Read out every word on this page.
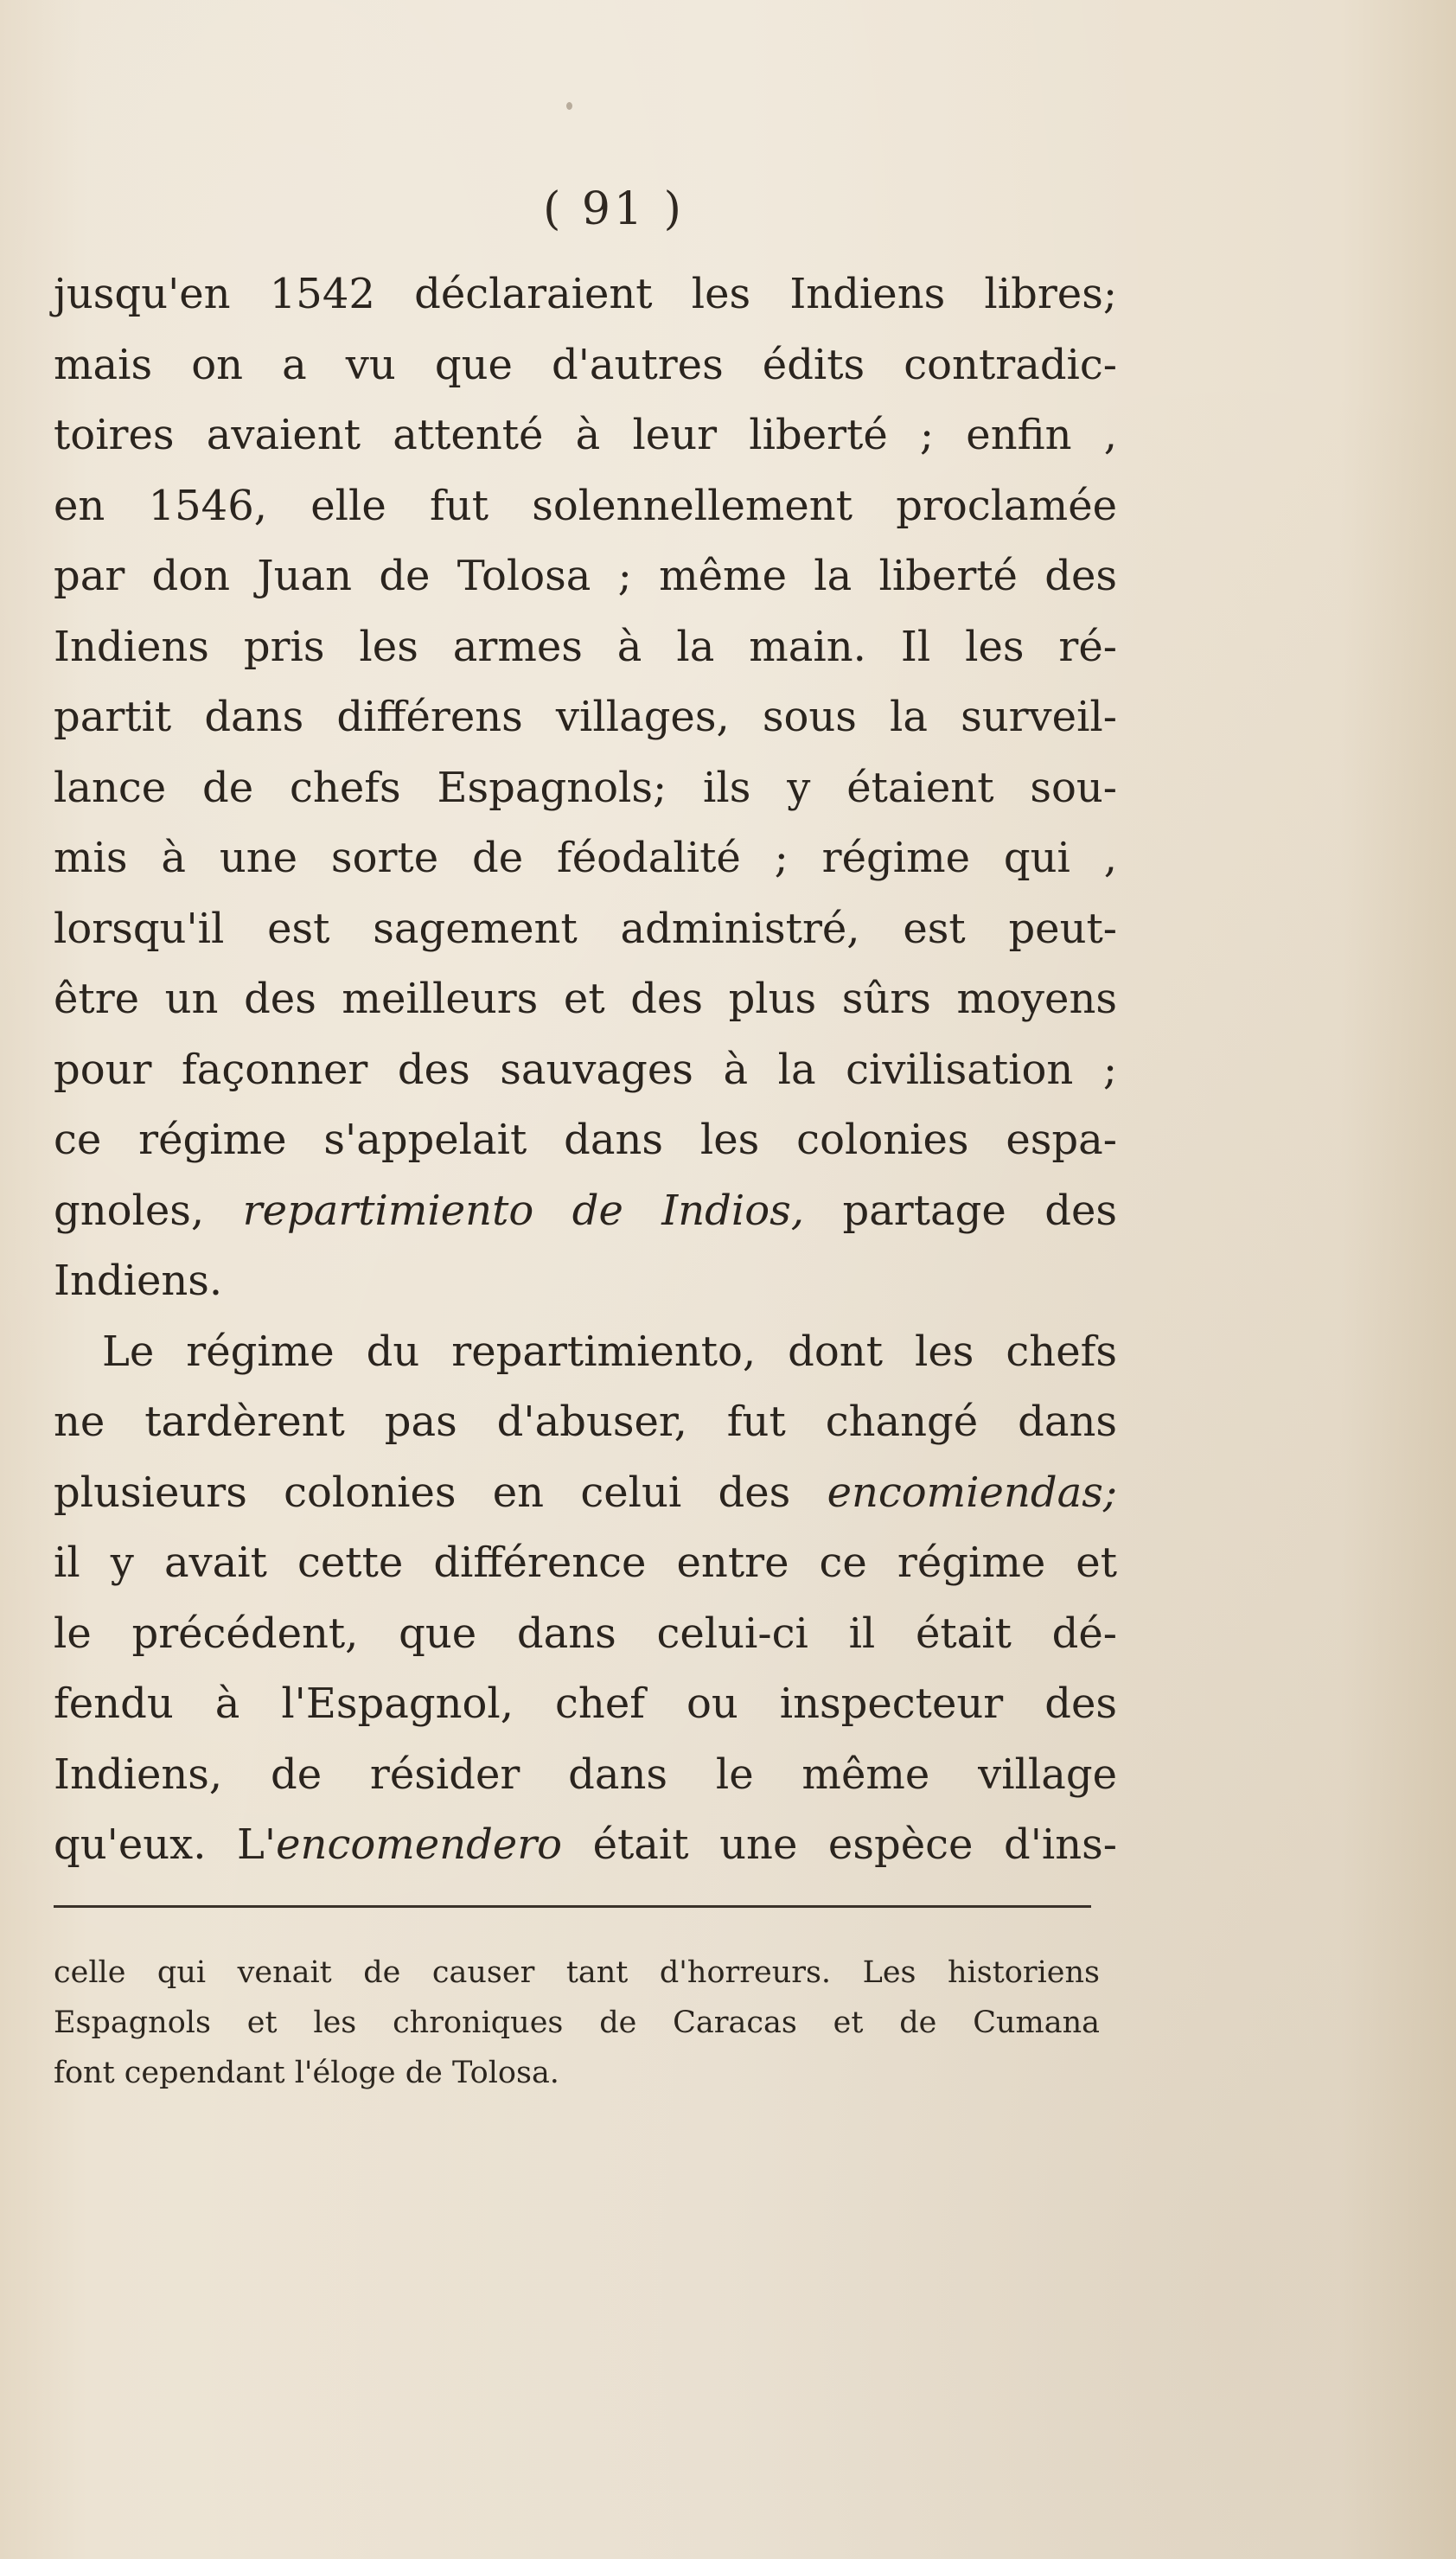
( 91 )
jusqu'en 1542 déclaraient les Indiens libres;
mais on a vu que d'autres édits contradic-
toires avaient attenté à leur liberté ; enfin ,
en 1546, elle fut solennellement proclamée
par don Juan de Tolosa ; même la liberté des
Indiens pris les armes à la main. Il les ré-
partit dans différens villages, sous la surveil-
lance de chefs Espagnols; ils y étaient sou-
mis à une sorte de féodalité ; régime qui ,
lorsqu'il est sagement administré, est peut-
être un des meilleurs et des plus sûrs moyens
pour façonner des sauvages à la civilisation ;
ce régime s'appelait dans les colonies espa-
gnoles, repartimiento de Indios, partage des
Indiens.
Le régime du repartimiento, dont les chefs
ne tardèrent pas d'abuser, fut changé dans
plusieurs colonies en celui des encomiendas;
il y avait cette différence entre ce régime et
le précédent, que dans celui-ci il était dé-
fendu à l'Espagnol, chef ou inspecteur des
Indiens, de résider dans le même village
qu'eux. L'encomendero était une espèce d'ins-
celle qui venait de causer tant d'horreurs. Les historiens
Espagnols et les chroniques de Caracas et de Cumana
font cependant l'éloge de Tolosa.
